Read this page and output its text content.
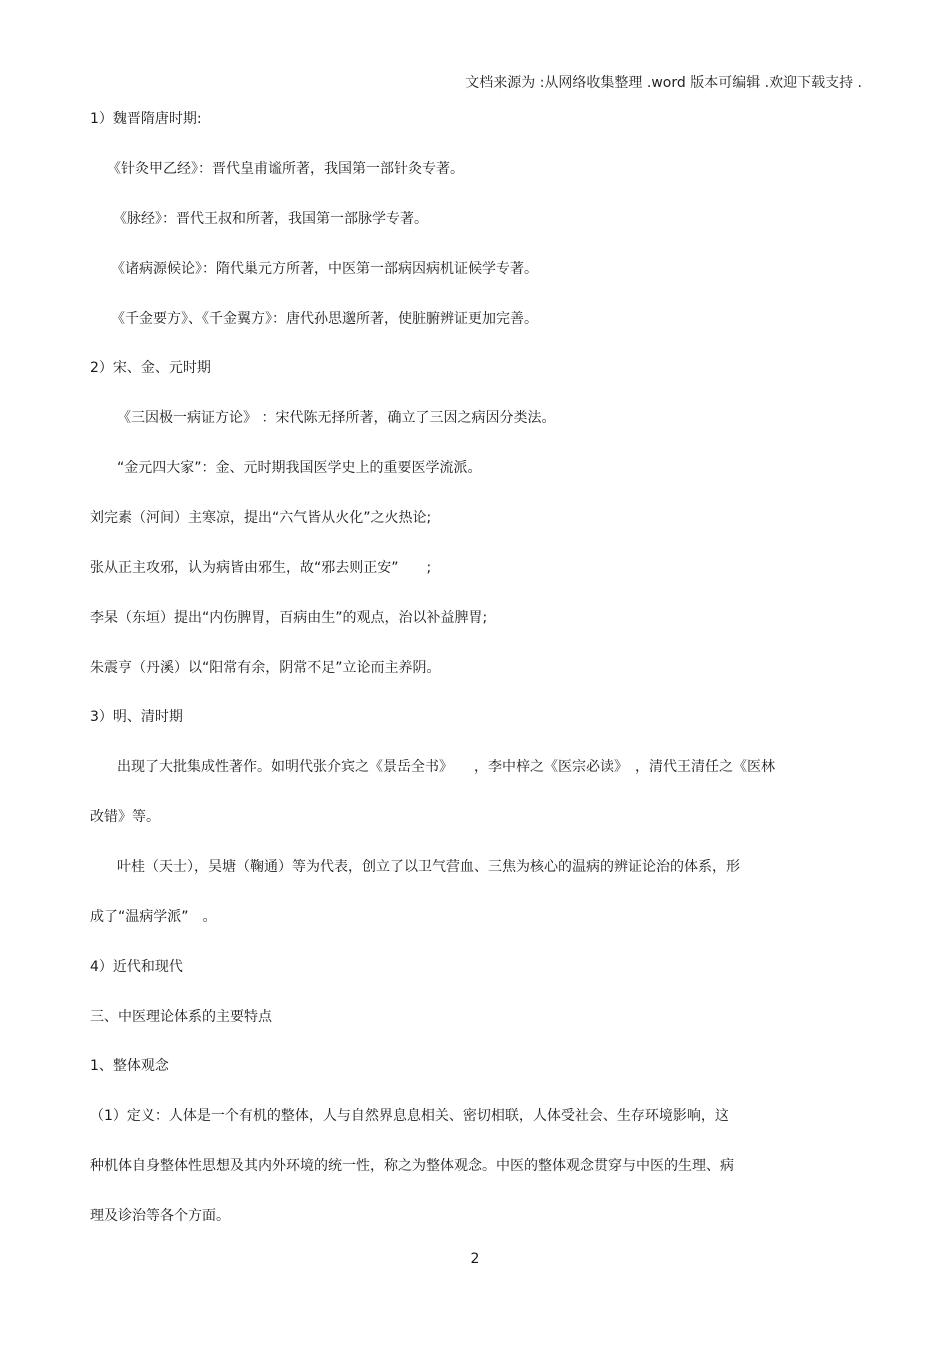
文档来源为 :从网络收集整理 .word 版本可编辑 .欢迎下载支持 .
1）魏晋隋唐时期:
《针灸甲乙经》：晋代皇甫谧所著，我国第一部针灸专著。
《脉经》：晋代王叔和所著，我国第一部脉学专著。
《诸病源候论》：隋代巢元方所著，中医第一部病因病机证候学专著。
《千金要方》、《千金翼方》：唐代孙思邈所著，使脏腑辨证更加完善。
2）宋、金、元时期
《三因极一病证方论》 ：宋代陈无择所著，确立了三因之病因分类法。
“金元四大家”：金、元时期我国医学史上的重要医学流派。
刘完素（河间）主寒凉，提出“六气皆从火化”之火热论;
张从正主攻邪，认为病皆由邪生，故“邪去则正安”　　;
李杲（东垣）提出“内伤脾胃，百病由生”的观点，治以补益脾胃;
朱震亨（丹溪）以“阳常有余，阴常不足”立论而主养阴。
3）明、清时期
出现了大批集成性著作。如明代张介宾之《景岳全书》　　，李中梓之《医宗必读》　，清代王清任之《医林
改错》等。
叶桂（天士），吴塘（鞠通）等为代表，创立了以卫气营血、三焦为核心的温病的辨证论治的体系，形
成了“温病学派”　。
4）近代和现代
三、中医理论体系的主要特点
1、整体观念
（1）定义：人体是一个有机的整体，人与自然界息息相关、密切相联，人体受社会、生存环境影响，这
种机体自身整体性思想及其内外环境的统一性，称之为整体观念。中医的整体观念贯穿与中医的生理、病
理及诊治等各个方面。
2
